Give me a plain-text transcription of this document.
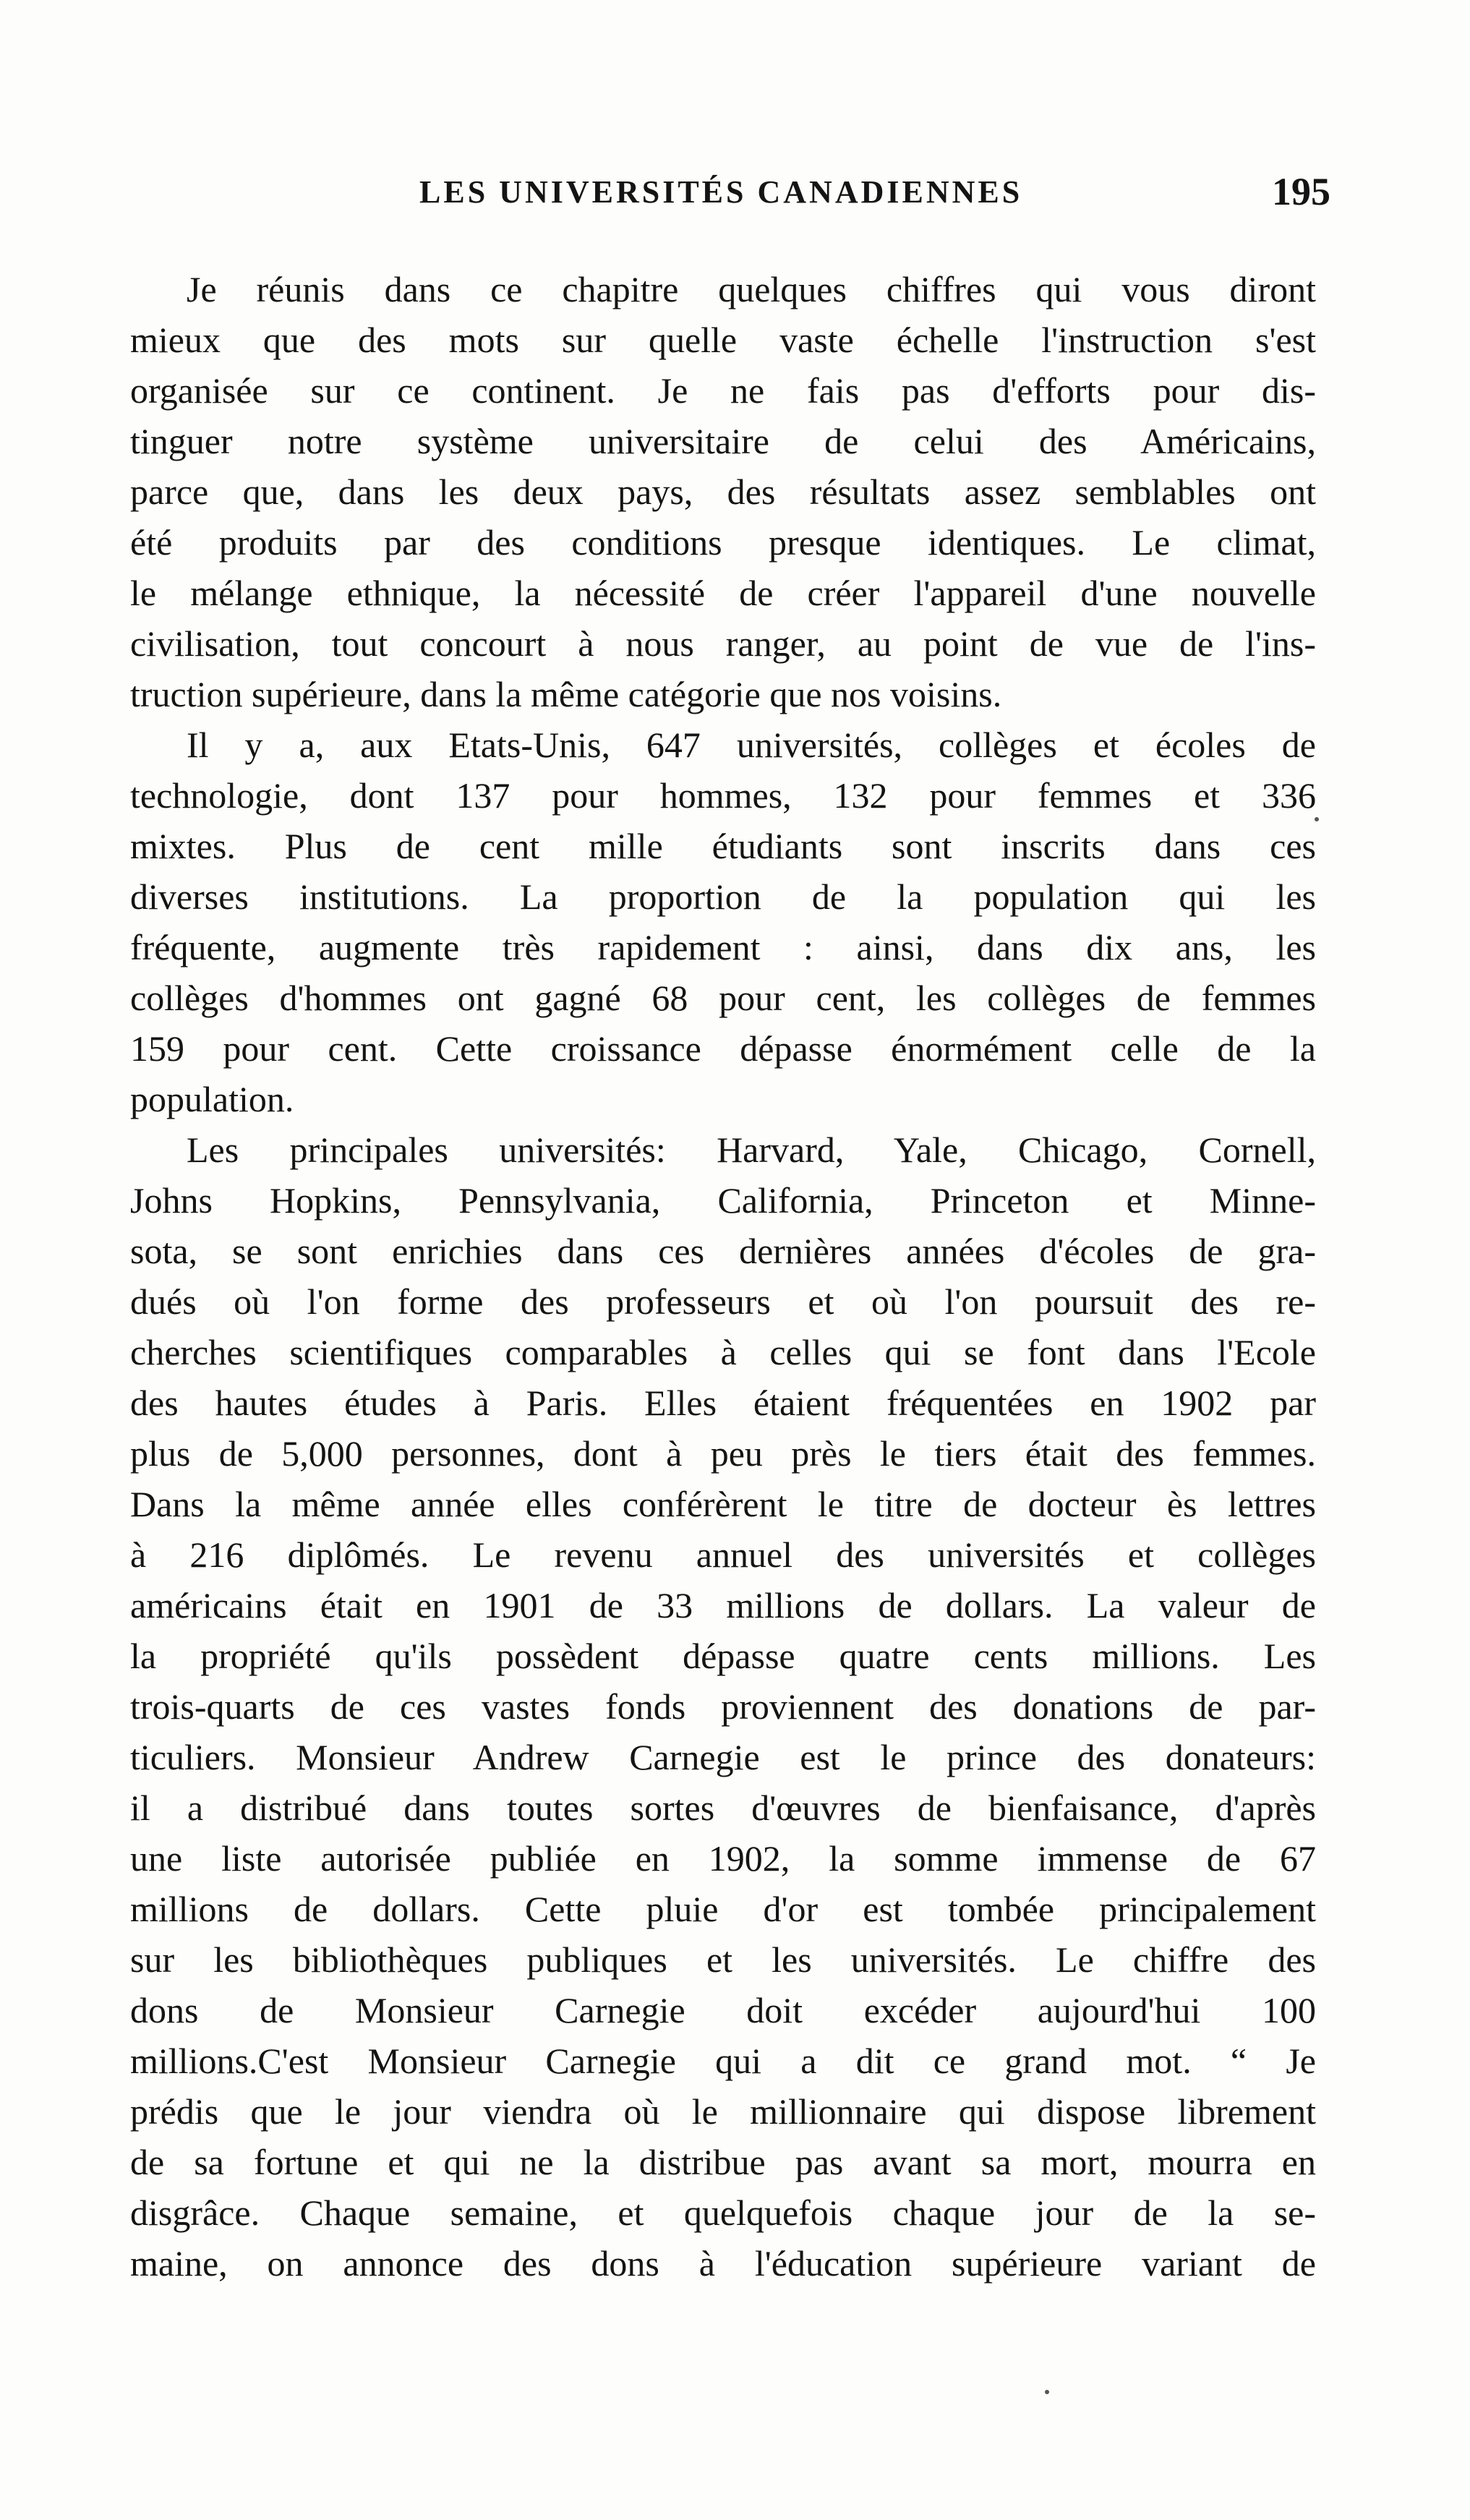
LES UNIVERSITÉS CANADIENNES	195
Je réunis dans ce chapitre quelques chiffres qui vous diront
mieux que des mots sur quelle vaste échelle l'instruction s'est
organisée sur ce continent. Je ne fais pas d'efforts pour dis-
tinguer notre système universitaire de celui des Américains,
parce que, dans les deux pays, des résultats assez semblables ont
été produits par des conditions presque identiques. Le climat,
le mélange ethnique, la nécessité de créer l'appareil d'une nouvelle
civilisation, tout concourt à nous ranger, au point de vue de l'ins-
truction supérieure, dans la même catégorie que nos voisins.
Il y a, aux Etats-Unis, 647 universités, collèges et écoles de
technologie, dont 137 pour hommes, 132 pour femmes et 336
mixtes. Plus de cent mille étudiants sont inscrits dans ces
diverses institutions. La proportion de la population qui les
fréquente, augmente très rapidement : ainsi, dans dix ans, les
collèges d'hommes ont gagné 68 pour cent, les collèges de femmes
159 pour cent. Cette croissance dépasse énormément celle de la
population.
Les principales universités: Harvard, Yale, Chicago, Cornell,
Johns Hopkins, Pennsylvania, California, Princeton et Minne-
sota, se sont enrichies dans ces dernières années d'écoles de gra-
dués où l'on forme des professeurs et où l'on poursuit des re-
cherches scientifiques comparables à celles qui se font dans l'Ecole
des hautes études à Paris. Elles étaient fréquentées en 1902 par
plus de 5,000 personnes, dont à peu près le tiers était des femmes.
Dans la même année elles conférèrent le titre de docteur ès lettres
à 216 diplômés. Le revenu annuel des universités et collèges
américains était en 1901 de 33 millions de dollars. La valeur de
la propriété qu'ils possèdent dépasse quatre cents millions. Les
trois-quarts de ces vastes fonds proviennent des donations de par-
ticuliers. Monsieur Andrew Carnegie est le prince des donateurs:
il a distribué dans toutes sortes d'œuvres de bienfaisance, d'après
une liste autorisée publiée en 1902, la somme immense de 67
millions de dollars. Cette pluie d'or est tombée principalement
sur les bibliothèques publiques et les universités. Le chiffre des
dons de Monsieur Carnegie doit excéder aujourd'hui 100
millions.C'est Monsieur Carnegie qui a dit ce grand mot. “ Je
prédis que le jour viendra où le millionnaire qui dispose librement
de sa fortune et qui ne la distribue pas avant sa mort, mourra en
disgrâce. Chaque semaine, et quelquefois chaque jour de la se-
maine, on annonce des dons à l'éducation supérieure variant de
